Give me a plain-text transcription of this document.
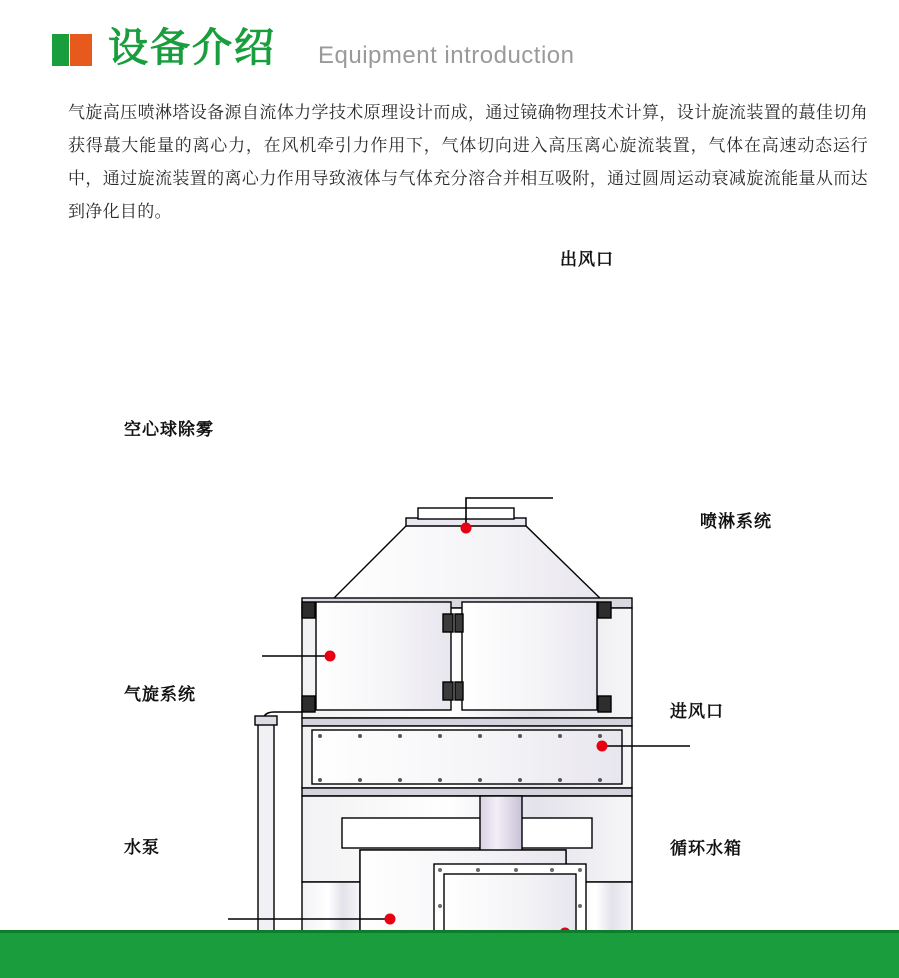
设备介绍 Equipment introduction
气旋高压喷淋塔设备源自流体力学技术原理设计而成，通过镜确物理技术计算，设计旋流装置的蕞佳切角获得蕞大能量的离心力，在风机牵引力作用下，气体切向进入高压离心旋流装置，气体在高速动态运行中，通过旋流装置的离心力作用导致液体与气体充分溶合并相互吸附，通过圆周运动衰减旋流能量从而达到净化目的。
出风口
空心球除雾
喷淋系统
气旋系统
进风口
水泵	循环水箱
